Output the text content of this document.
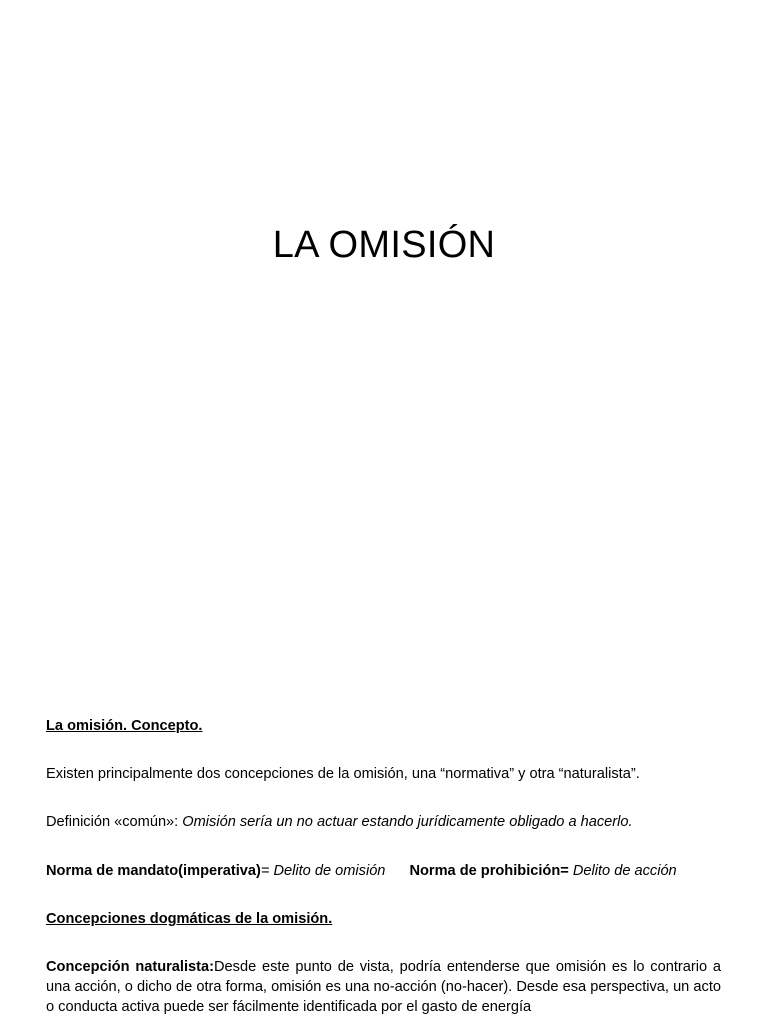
LA OMISIÓN
La omisión. Concepto.
Existen principalmente dos concepciones de la omisión, una “normativa” y otra “naturalista”.
Definición «común»: Omisión sería un no actuar estando jurídicamente obligado a hacerlo.
Norma de mandato(imperativa)= Delito de omisión Norma de prohibición= Delito de acción
Concepciones dogmáticas de la omisión.
Concepción naturalista:Desde este punto de vista, podría entenderse que omisión es lo contrario a una acción, o dicho de otra forma, omisión es una no-acción (no-hacer). Desde esa perspectiva, un acto o conducta activa puede ser fácilmente identificada por el gasto de energía
